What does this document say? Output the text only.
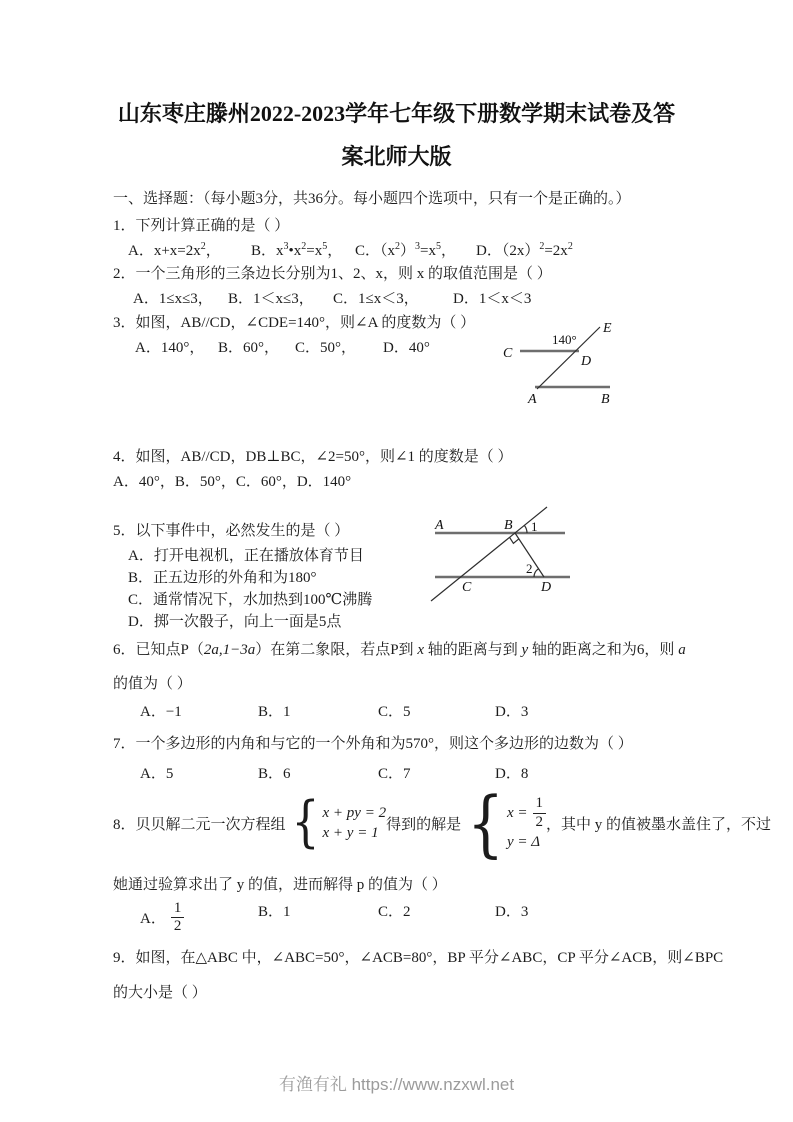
山东枣庄滕州2022-2023学年七年级下册数学期末试卷及答
案北师大版
一、选择题：（每小题3分，共36分。每小题四个选项中，只有一个是正确的。）
1．下列计算正确的是（ ）
A．$x+x=2x^2$，	B．$x^3•x^2=x^5$， C．$(x^2)^3=x^5$，	D．$(2x)^2=2x^2$
2．一个三角形的三条边长分别为1、2、x，则 x 的取值范围是（ ）
A．1≤x≤3，	B．1＜x≤3，	C．1≤x＜3，	D．1＜x＜3
3．如图，AB//CD，∠CDE=140°，则∠A 的度数为（ ）
A．140°， B．60°，	C．50°，	D．40°
140°
E
C
D
A	B
4．如图，AB//CD，DB⊥BC，∠2=50°，则∠1 的度数是（ ）
A．40°，B．50°，C．60°，D．140°
5．以下事件中，必然发生的是（ ）
A．打开电视机，正在播放体育节目
B．正五边形的外角和为180°
C．通常情况下，水加热到100℃沸腾
D．掷一次骰子，向上一面是5点
A	B 1
2
C	D
6．已知点P（2a,1−3a）在第二象限，若点P到 x 轴的距离与到 y 轴的距离之和为6，则 a
的值为（ ）
A．−1	B．1	C．5	D．3
7．一个多边形的内角和与它的一个外角和为570°，则这个多边形的边数为（ ）
A．5	B．6	C．7	D．8
8．贝贝解二元一次方程组 { x + py = 2
x + y = 1 得到的解是 { $x = \frac{1}{2}$
y = Δ
，其中 y 的值被墨水盖住了，不过
她通过验算求出了 y 的值，进而解得 p 的值为（ ）
A． $\frac{1}{2}$	B．1	C．2	D．3
9．如图，在△ABC 中，∠ABC=50°，∠ACB=80°，BP 平分∠ABC，CP 平分∠ACB，则∠BPC
的大小是（ ）
有渔有礼 https://www.nzxwl.net
